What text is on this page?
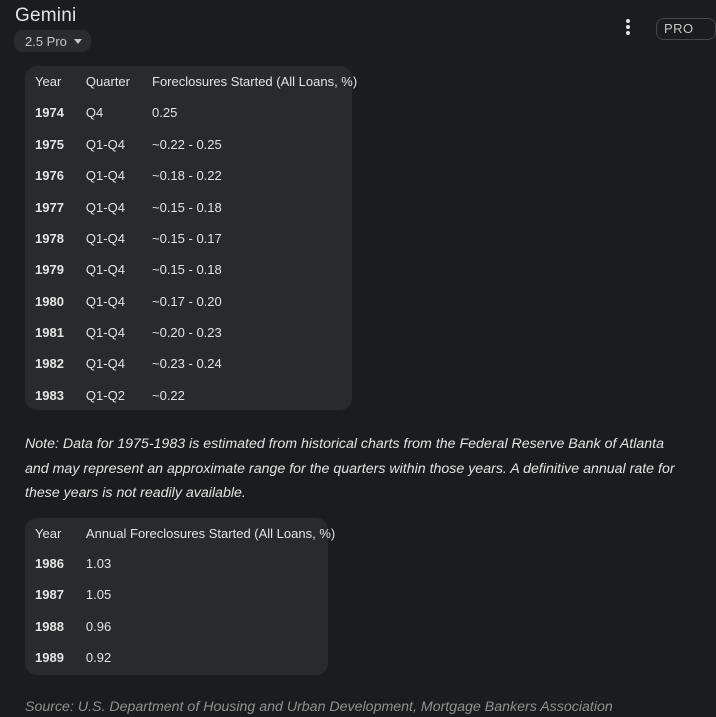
Gemini
2.5 Pro
PRO
Year	Quarter	Foreclosures Started (All Loans, %)
1974	Q4	0.25
1975	Q1-Q4	~0.22 - 0.25
1976	Q1-Q4	~0.18 - 0.22
1977	Q1-Q4	~0.15 - 0.18
1978	Q1-Q4	~0.15 - 0.17
1979	Q1-Q4	~0.15 - 0.18
1980	Q1-Q4	~0.17 - 0.20
1981	Q1-Q4	~0.20 - 0.23
1982	Q1-Q4	~0.23 - 0.24
1983	Q1-Q2	~0.22
Note: Data for 1975-1983 is estimated from historical charts from the Federal Reserve Bank of Atlanta and may represent an approximate range for the quarters within those years. A definitive annual rate for these years is not readily available.
Year	Annual Foreclosures Started (All Loans, %)
1986	1.03
1987	1.05
1988	0.96
1989	0.92
Source: U.S. Department of Housing and Urban Development, Mortgage Bankers Association
